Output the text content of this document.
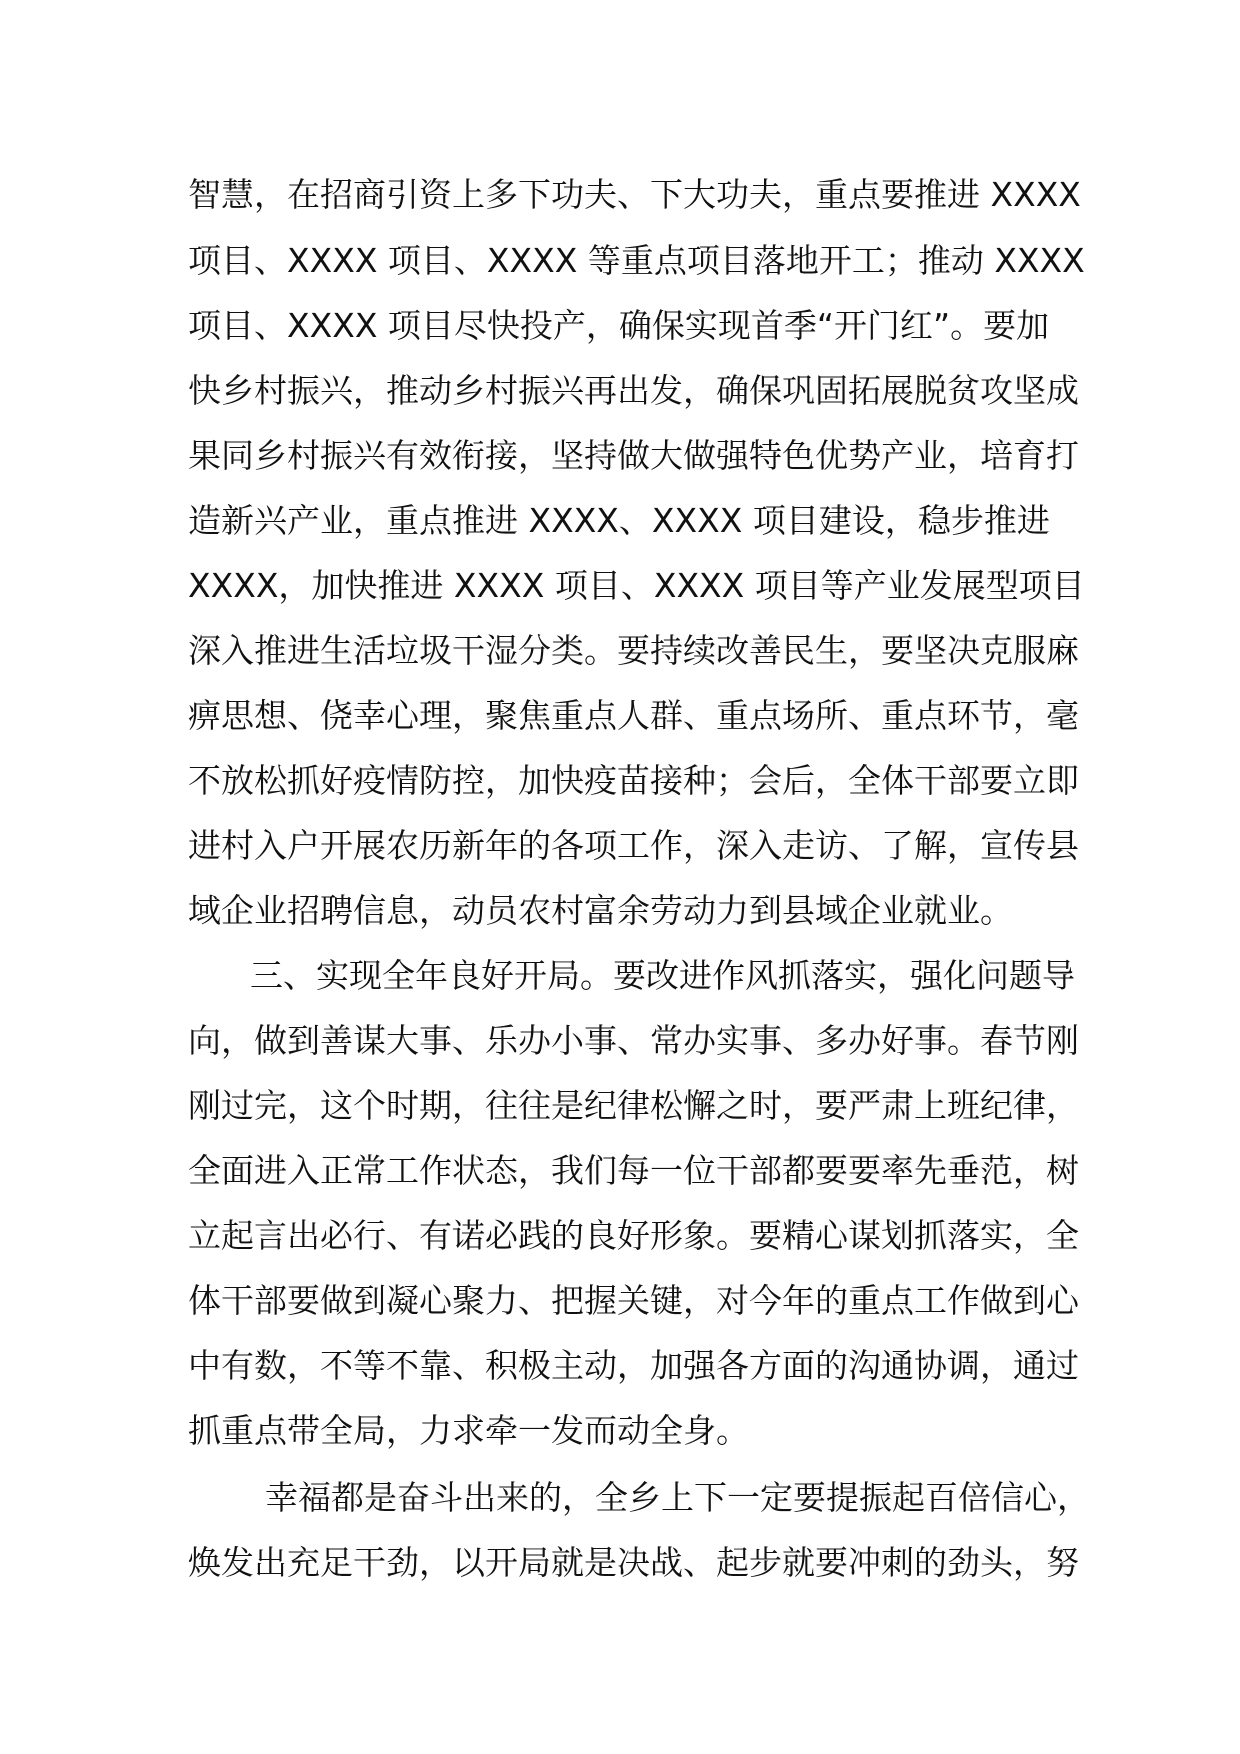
智慧，在招商引资上多下功夫、下大功夫，重点要推进 XXXX
项目、XXXX 项目、XXXX 等重点项目落地开工；推动 XXXX
项目、XXXX 项目尽快投产，确保实现首季“开门红”。要加
快乡村振兴，推动乡村振兴再出发，确保巩固拓展脱贫攻坚成
果同乡村振兴有效衔接，坚持做大做强特色优势产业，培育打
造新兴产业，重点推进 XXXX、XXXX 项目建设，稳步推进
XXXX，加快推进 XXXX 项目、XXXX 项目等产业发展型项目
深入推进生活垃圾干湿分类。要持续改善民生，要坚决克服麻
痹思想、侥幸心理，聚焦重点人群、重点场所、重点环节，毫
不放松抓好疫情防控，加快疫苗接种；会后，全体干部要立即
进村入户开展农历新年的各项工作，深入走访、了解，宣传县
域企业招聘信息，动员农村富余劳动力到县域企业就业。
三、实现全年良好开局。要改进作风抓落实，强化问题导
向，做到善谋大事、乐办小事、常办实事、多办好事。春节刚
刚过完，这个时期，往往是纪律松懈之时，要严肃上班纪律，
全面进入正常工作状态，我们每一位干部都要要率先垂范，树
立起言出必行、有诺必践的良好形象。要精心谋划抓落实，全
体干部要做到凝心聚力、把握关键，对今年的重点工作做到心
中有数，不等不靠、积极主动，加强各方面的沟通协调，通过
抓重点带全局，力求牵一发而动全身。
幸福都是奋斗出来的，全乡上下一定要提振起百倍信心，
焕发出充足干劲，以开局就是决战、起步就要冲刺的劲头，努
